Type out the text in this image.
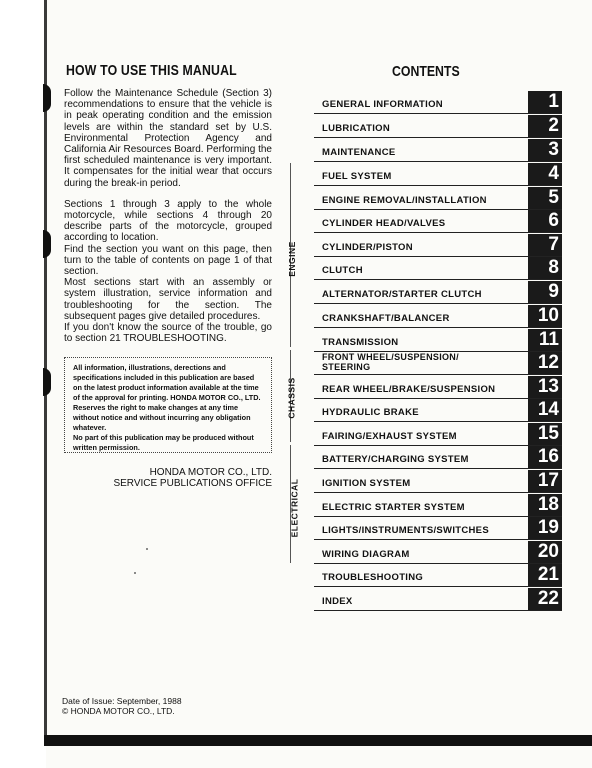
HOW TO USE THIS MANUAL

Follow the Maintenance Schedule (Section 3) recommendations to ensure that the vehicle is in peak operating condition and the emission levels are within the standard set by U.S. Environmental Protection Agency and California Air Resources Board. Performing the first scheduled maintenance is very important. It compensates for the initial wear that occurs during the break-in period.

Sections 1 through 3 apply to the whole motorcycle, while sections 4 through 20 describe parts of the motorcycle, grouped according to location.

Find the section you want on this page, then turn to the table of contents on page 1 of that section.

Most sections start with an assembly or system illustration, service information and troubleshooting for the section. The subsequent pages give detailed procedures.

If you don't know the source of the trouble, go to section 21 TROUBLESHOOTING.

All information, illustrations, derections and specifications included in this publication are based on the latest product information available at the time of the approval for printing. HONDA MOTOR CO., LTD. Reserves the right to make changes at any time without notice and without incurring any obligation whatever.

No part of this publication may be produced without written permission.

HONDA MOTOR CO., LTD.
SERVICE PUBLICATIONS OFFICE
Date of Issue: September, 1988
© HONDA MOTOR CO., LTD.
CONTENTS
ENGINE
CHASSIS
ELECTRICAL
GENERAL INFORMATION	1
LUBRICATION	2
MAINTENANCE	3
FUEL SYSTEM	4
ENGINE REMOVAL/INSTALLATION	5
CYLINDER HEAD/VALVES	6
CYLINDER/PISTON	7
CLUTCH	8
ALTERNATOR/STARTER CLUTCH	9
CRANKSHAFT/BALANCER	10
TRANSMISSION	11
FRONT WHEEL/SUSPENSION/ STEERING	12
REAR WHEEL/BRAKE/SUSPENSION	13
HYDRAULIC BRAKE	14
FAIRING/EXHAUST SYSTEM	15
BATTERY/CHARGING SYSTEM	16
IGNITION SYSTEM	17
ELECTRIC STARTER SYSTEM	18
LIGHTS/INSTRUMENTS/SWITCHES	19
WIRING DIAGRAM	20
TROUBLESHOOTING	21
INDEX	22
